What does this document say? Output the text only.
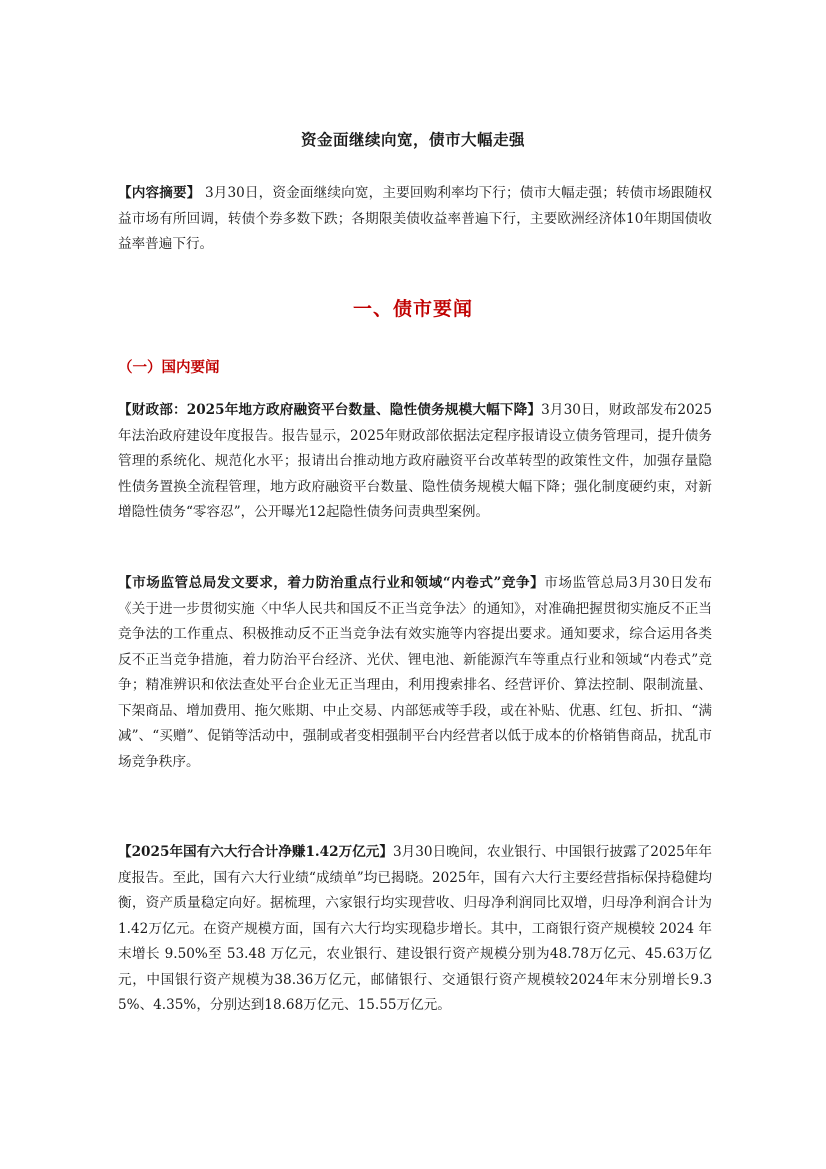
资金面继续向宽，债市大幅走强

【内容摘要】 3月30日，资金面继续向宽，主要回购利率均下行；债市大幅走强；转债市场跟随权益市场有所回调，转债个券多数下跌；各期限美债收益率普遍下行，主要欧洲经济体10年期国债收益率普遍下行。

一、债市要闻
（一）国内要闻

【财政部：2025年地方政府融资平台数量、隐性债务规模大幅下降】3月30日，财政部发布2025年法治政府建设年度报告。报告显示，2025年财政部依据法定程序报请设立债务管理司，提升债务管理的系统化、规范化水平；报请出台推动地方政府融资平台改革转型的政策性文件，加强存量隐性债务置换全流程管理，地方政府融资平台数量、隐性债务规模大幅下降；强化制度硬约束，对新增隐性债务“零容忍”，公开曝光12起隐性债务问责典型案例。

【市场监管总局发文要求，着力防治重点行业和领域“内卷式”竞争】市场监管总局3月30日发布《关于进一步贯彻实施〈中华人民共和国反不正当竞争法〉的通知》，对准确把握贯彻实施反不正当竞争法的工作重点、积极推动反不正当竞争法有效实施等内容提出要求。通知要求，综合运用各类反不正当竞争措施，着力防治平台经济、光伏、锂电池、新能源汽车等重点行业和领域“内卷式”竞争；精准辨识和依法查处平台企业无正当理由，利用搜索排名、经营评价、算法控制、限制流量、下架商品、增加费用、拖欠账期、中止交易、内部惩戒等手段，或在补贴、优惠、红包、折扣、“满减”、“买赠”、促销等活动中，强制或者变相强制平台内经营者以低于成本的价格销售商品，扰乱市场竞争秩序。

【2025年国有六大行合计净赚1.42万亿元】3月30日晚间，农业银行、中国银行披露了2025年年度报告。至此，国有六大行业绩“成绩单”均已揭晓。2025年，国有六大行主要经营指标保持稳健均衡，资产质量稳定向好。据梳理，六家银行均实现营收、归母净利润同比双增，归母净利润合计为1.42万亿元。在资产规模方面，国有六大行均实现稳步增长。其中，工商银行资产规模较 2024 年末增长 9.50%至 53.48 万亿元，农业银行、建设银行资产规模分别为48.78万亿元、45.63万亿元，中国银行资产规模为38.36万亿元，邮储银行、交通银行资产规模较2024年末分别增长9.35%、4.35%，分别达到18.68万亿元、15.55万亿元。
